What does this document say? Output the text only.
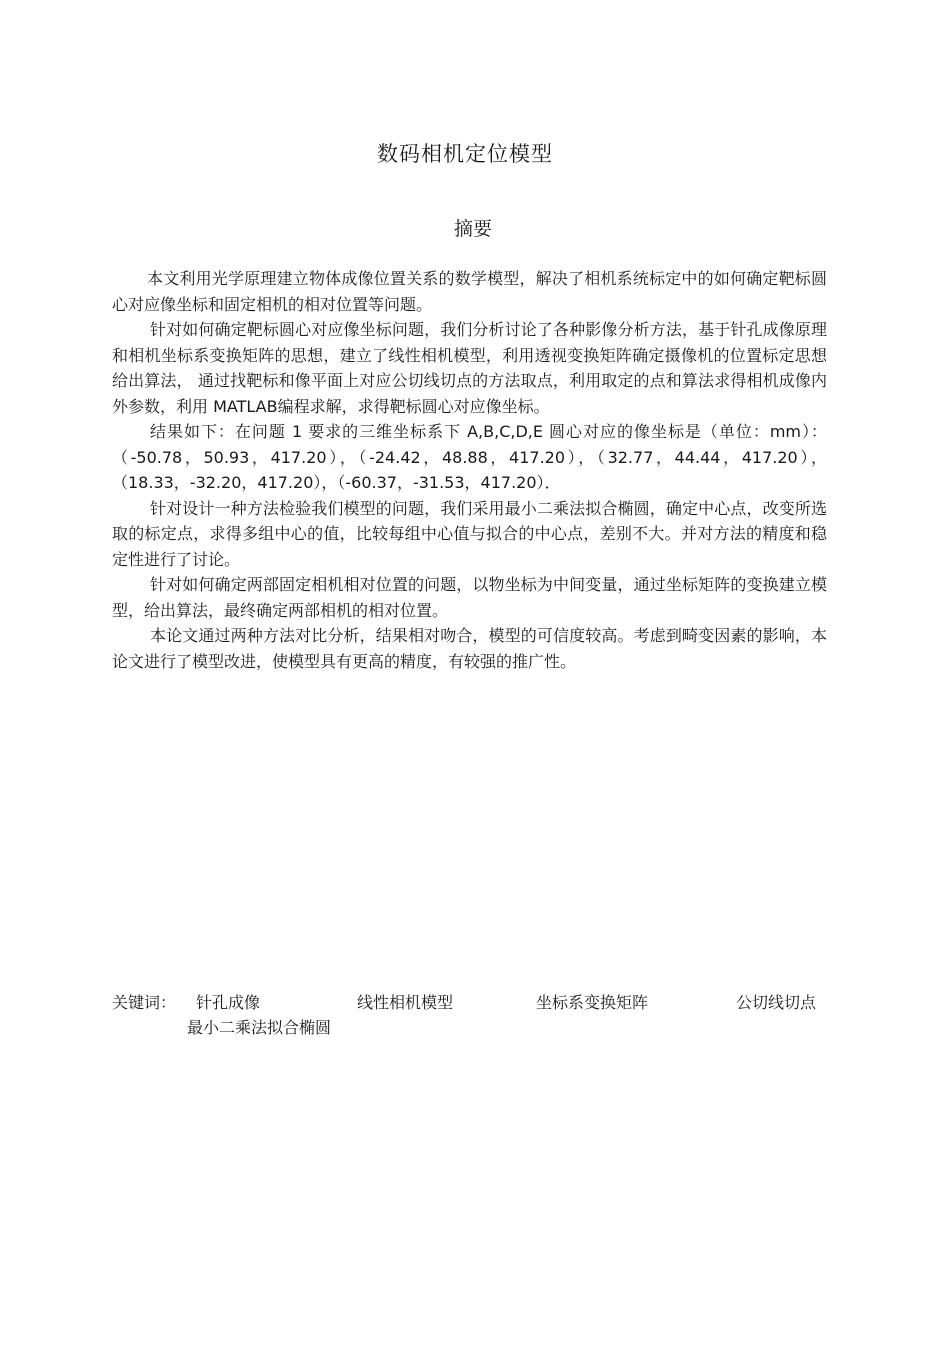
数码相机定位模型
摘要

本文利用光学原理建立物体成像位置关系的数学模型，解决了相机系统标定中的如何确定靶标圆心对应像坐标和固定相机的相对位置等问题。

针对如何确定靶标圆心对应像坐标问题，我们分析讨论了各种影像分析方法，基于针孔成像原理和相机坐标系变换矩阵的思想，建立了线性相机模型，利用透视变换矩阵确定摄像机的位置标定思想给出算法， 通过找靶标和像平面上对应公切线切点的方法取点，利用取定的点和算法求得相机成像内外参数，利用 MATLAB编程求解，求得靶标圆心对应像坐标。

结果如下：在问题 1 要求的三维坐标系下 A,B,C,D,E 圆心对应的像坐标是（单位：mm）：（-50.78，50.93，417.20），（-24.42，48.88，417.20），（32.77，44.44，417.20），（18.33，-32.20，417.20），（-60.37，-31.53，417.20）．

针对设计一种方法检验我们模型的问题，我们采用最小二乘法拟合椭圆，确定中心点，改变所选取的标定点，求得多组中心的值，比较每组中心值与拟合的中心点，差别不大。并对方法的精度和稳定性进行了讨论。

针对如何确定两部固定相机相对位置的问题，以物坐标为中间变量，通过坐标矩阵的变换建立模型，给出算法，最终确定两部相机的相对位置。

本论文通过两种方法对比分析，结果相对吻合，模型的可信度较高。考虑到畸变因素的影响，本论文进行了模型改进，使模型具有更高的精度，有较强的推广性。

关键词： 针孔成像	线性相机模型	坐标系变换矩阵	公切线切点
最小二乘法拟合椭圆
